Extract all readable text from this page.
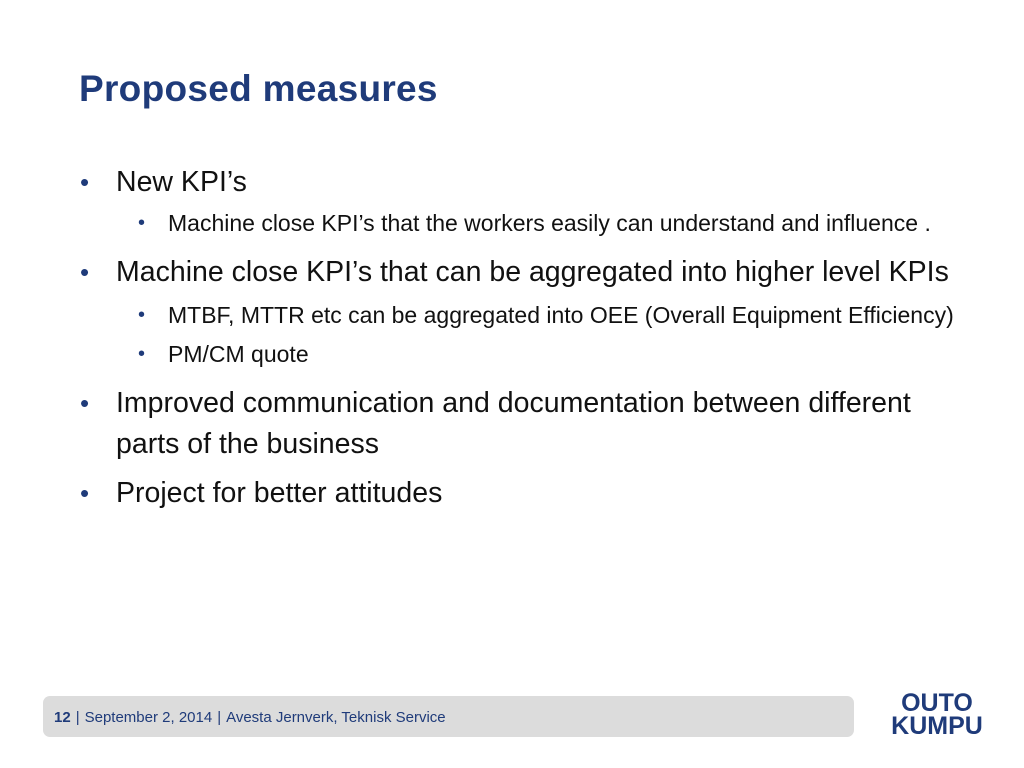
Proposed measures
• New KPI’s
• Machine close KPI’s that the workers easily can understand and influence .
• Machine close KPI’s that can be aggregated into higher level KPIs
• MTBF, MTTR etc can be aggregated into OEE (Overall Equipment Efficiency)
• PM/CM quote
• Improved communication and documentation between different parts of the business
• Project for better attitudes
12 | September 2, 2014 | Avesta Jernverk, Teknisk Service
OUTO
KUMPU
